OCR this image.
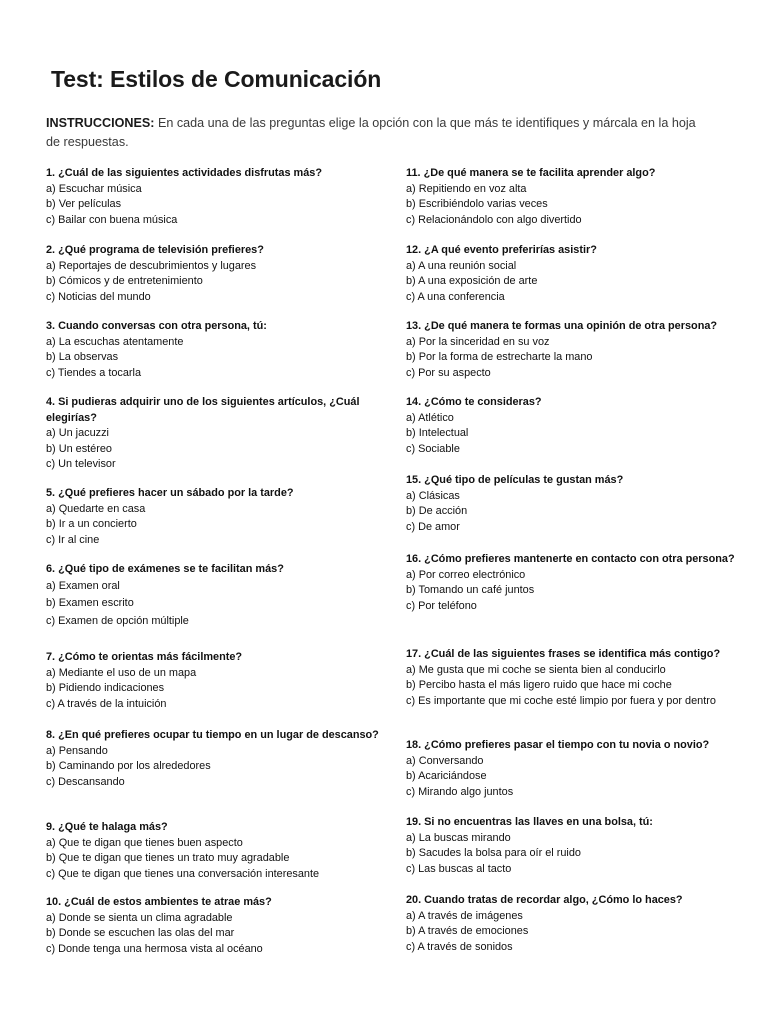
Test: Estilos de Comunicación

INSTRUCCIONES: En cada una de las preguntas elige la opción con la que más te identifiques y márcala en la hoja de respuestas.

1. ¿Cuál de las siguientes actividades disfrutas más?
a) Escuchar música
b) Ver películas
c) Bailar con buena música
2. ¿Qué programa de televisión prefieres?
a) Reportajes de descubrimientos y lugares
b) Cómicos y de entretenimiento
c) Noticias del mundo
3. Cuando conversas con otra persona, tú:
a) La escuchas atentamente
b) La observas
c) Tiendes a tocarla
4. Si pudieras adquirir uno de los siguientes artículos, ¿Cuál elegirías?
a) Un jacuzzi
b) Un estéreo
c) Un televisor
5. ¿Qué prefieres hacer un sábado por la tarde?
a) Quedarte en casa
b) Ir a un concierto
c) Ir al cine
6. ¿Qué tipo de exámenes se te facilitan más?
a) Examen oral
b) Examen escrito
c) Examen de opción múltiple
7. ¿Cómo te orientas más fácilmente?
a) Mediante el uso de un mapa
b) Pidiendo indicaciones
c) A través de la intuición
8. ¿En qué prefieres ocupar tu tiempo en un lugar de descanso?
a) Pensando
b) Caminando por los alrededores
c) Descansando
9. ¿Qué te halaga más?
a) Que te digan que tienes buen aspecto
b) Que te digan que tienes un trato muy agradable
c) Que te digan que tienes una conversación interesante
10. ¿Cuál de estos ambientes te atrae más?
a) Donde se sienta un clima agradable
b) Donde se escuchen las olas del mar
c) Donde tenga una hermosa vista al océano
11. ¿De qué manera se te facilita aprender algo?
a) Repitiendo en voz alta
b) Escribiéndolo varias veces
c) Relacionándolo con algo divertido
12. ¿A qué evento preferirías asistir?
a) A una reunión social
b) A una exposición de arte
c) A una conferencia
13. ¿De qué manera te formas una opinión de otra persona?
a) Por la sinceridad en su voz
b) Por la forma de estrecharte la mano
c) Por su aspecto
14. ¿Cómo te consideras?
a) Atlético
b) Intelectual
c) Sociable
15. ¿Qué tipo de películas te gustan más?
a) Clásicas
b) De acción
c) De amor
16. ¿Cómo prefieres mantenerte en contacto con otra persona?
a) Por correo electrónico
b) Tomando un café juntos
c) Por teléfono
17. ¿Cuál de las siguientes frases se identifica más contigo?
a) Me gusta que mi coche se sienta bien al conducirlo
b) Percibo hasta el más ligero ruido que hace mi coche
c) Es importante que mi coche esté limpio por fuera y por dentro
18. ¿Cómo prefieres pasar el tiempo con tu novia o novio?
a) Conversando
b) Acariciándose
c) Mirando algo juntos
19. Si no encuentras las llaves en una bolsa, tú:
a) La buscas mirando
b) Sacudes la bolsa para oír el ruido
c) Las buscas al tacto
20. Cuando tratas de recordar algo, ¿Cómo lo haces?
a) A través de imágenes
b) A través de emociones
c) A través de sonidos
